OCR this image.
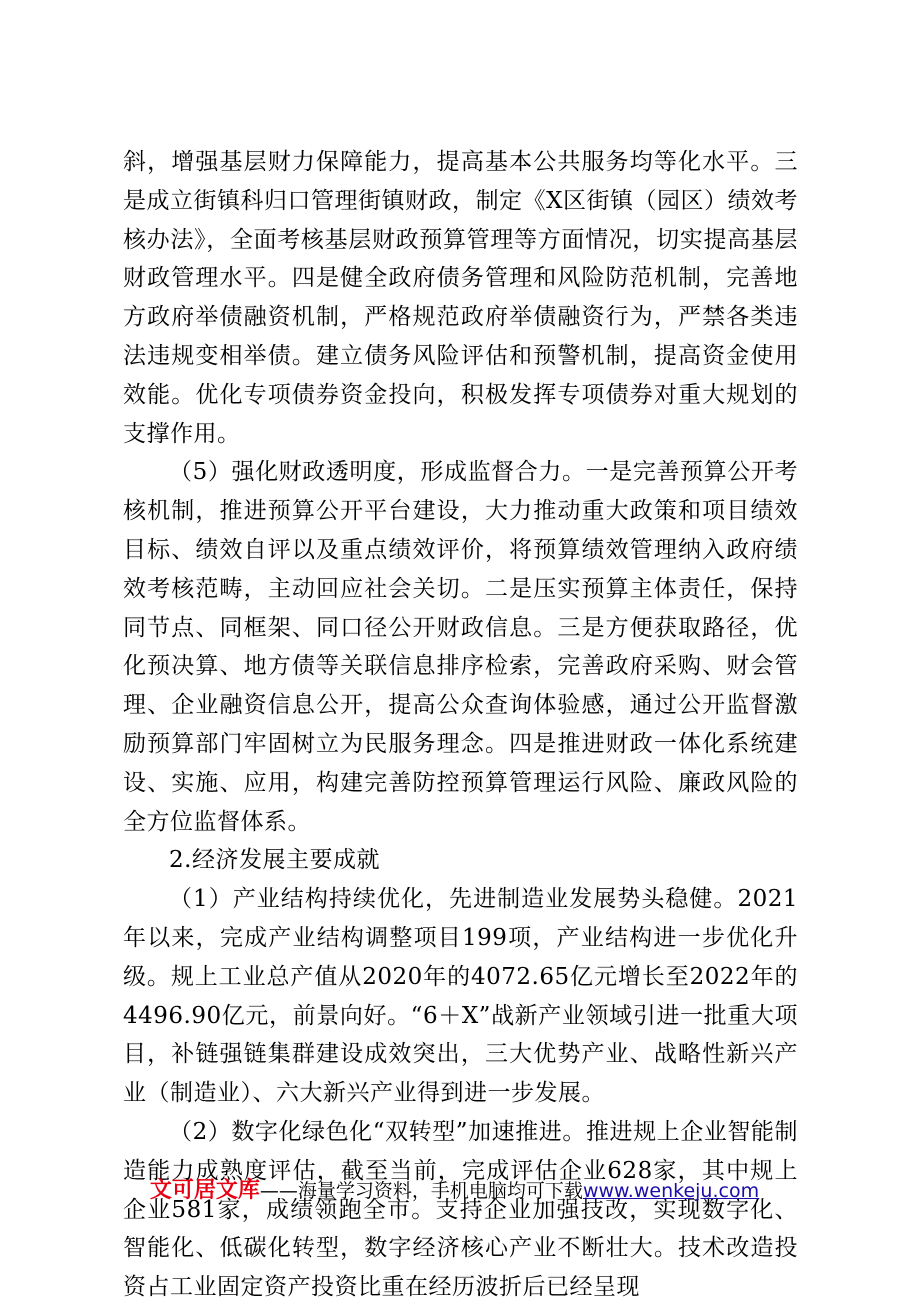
斜，增强基层财力保障能力，提高基本公共服务均等化水平。三是成立街镇科归口管理街镇财政，制定《X区街镇（园区）绩效考核办法》，全面考核基层财政预算管理等方面情况，切实提高基层财政管理水平。四是健全政府债务管理和风险防范机制，完善地方政府举债融资机制，严格规范政府举债融资行为，严禁各类违法违规变相举债。建立债务风险评估和预警机制，提高资金使用效能。优化专项债券资金投向，积极发挥专项债券对重大规划的支撑作用。

（5）强化财政透明度，形成监督合力。一是完善预算公开考核机制，推进预算公开平台建设，大力推动重大政策和项目绩效目标、绩效自评以及重点绩效评价，将预算绩效管理纳入政府绩效考核范畴，主动回应社会关切。二是压实预算主体责任，保持同节点、同框架、同口径公开财政信息。三是方便获取路径，优化预决算、地方债等关联信息排序检索，完善政府采购、财会管理、企业融资信息公开，提高公众查询体验感，通过公开监督激励预算部门牢固树立为民服务理念。四是推进财政一体化系统建设、实施、应用，构建完善防控预算管理运行风险、廉政风险的全方位监督体系。

2.经济发展主要成就

（1）产业结构持续优化，先进制造业发展势头稳健。2021年以来，完成产业结构调整项目199项，产业结构进一步优化升级。规上工业总产值从2020年的4072.65亿元增长至2022年的4496.90亿元，前景向好。“6＋X”战新产业领域引进一批重大项目，补链强链集群建设成效突出，三大优势产业、战略性新兴产业（制造业）、六大新兴产业得到进一步发展。

（2）数字化绿色化“双转型”加速推进。推进规上企业智能制造能力成熟度评估，截至当前，完成评估企业628家，其中规上企业581家，成绩领跑全市。支持企业加强技改，实现数字化、智能化、低碳化转型，数字经济核心产业不断壮大。技术改造投资占工业固定资产投资比重在经历波折后已经呈现

文可居文库——海量学习资料，手机电脑均可下载www.wenkeju.com
